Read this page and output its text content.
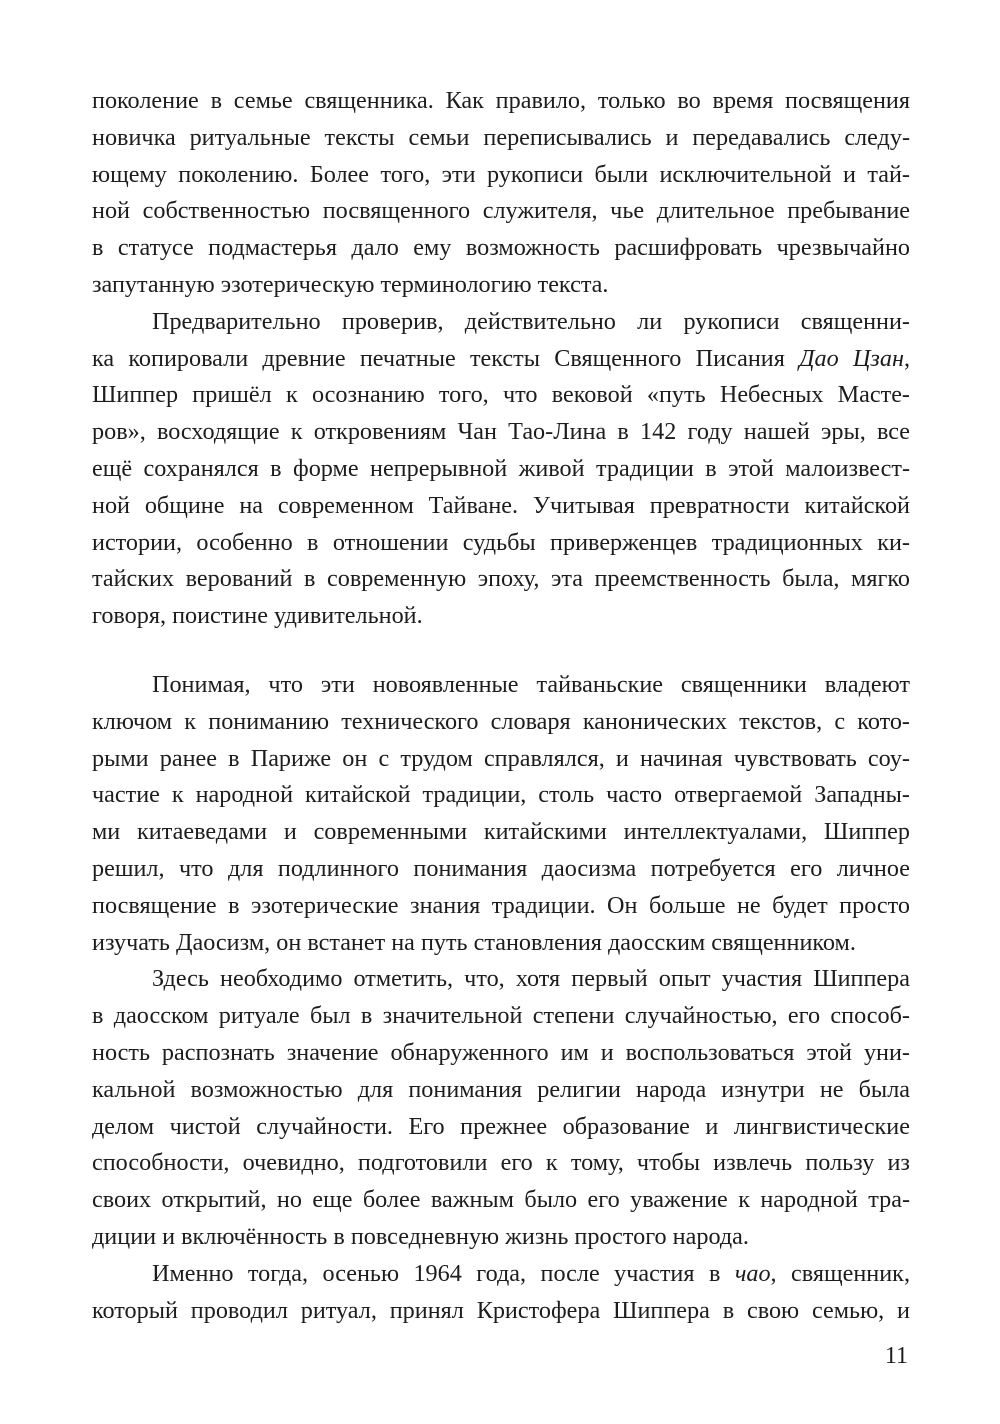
поколение в семье священника. Как правило, только во время посвящения
новичка ритуальные тексты семьи переписывались и передавались следу-
ющему поколению. Более того, эти рукописи были исключительной и тай-
ной собственностью посвященного служителя, чье длительное пребывание
в статусе подмастерья дало ему возможность расшифровать чрезвычайно
запутанную эзотерическую терминологию текста.

Предварительно проверив, действительно ли рукописи священни-
ка копировали древние печатные тексты Священного Писания Дао Цзан,
Шиппер пришёл к осознанию того, что вековой «путь Небесных Масте-
ров», восходящие к откровениям Чан Тао-Лина в 142 году нашей эры, все
ещё сохранялся в форме непрерывной живой традиции в этой малоизвест-
ной общине на современном Тайване. Учитывая превратности китайской
истории, особенно в отношении судьбы приверженцев традиционных ки-
тайских верований в современную эпоху, эта преемственность была, мягко
говоря, поистине удивительной.

Понимая, что эти новоявленные тайваньские священники владеют
ключом к пониманию технического словаря канонических текстов, с кото-
рыми ранее в Париже он с трудом справлялся, и начиная чувствовать соу-
частие к народной китайской традиции, столь часто отвергаемой Западны-
ми китаеведами и современными китайскими интеллектуалами, Шиппер
решил, что для подлинного понимания даосизма потребуется его личное
посвящение в эзотерические знания традиции. Он больше не будет просто
изучать Даосизм, он встанет на путь становления даосским священником.

Здесь необходимо отметить, что, хотя первый опыт участия Шиппера
в даосском ритуале был в значительной степени случайностью, его способ-
ность распознать значение обнаруженного им и воспользоваться этой уни-
кальной возможностью для понимания религии народа изнутри не была
делом чистой случайности. Его прежнее образование и лингвистические
способности, очевидно, подготовили его к тому, чтобы извлечь пользу из
своих открытий, но еще более важным было его уважение к народной тра-
диции и включённость в повседневную жизнь простого народа.

Именно тогда, осенью 1964 года, после участия в чао, священник,
который проводил ритуал, принял Кристофера Шиппера в свою семью, и

11
